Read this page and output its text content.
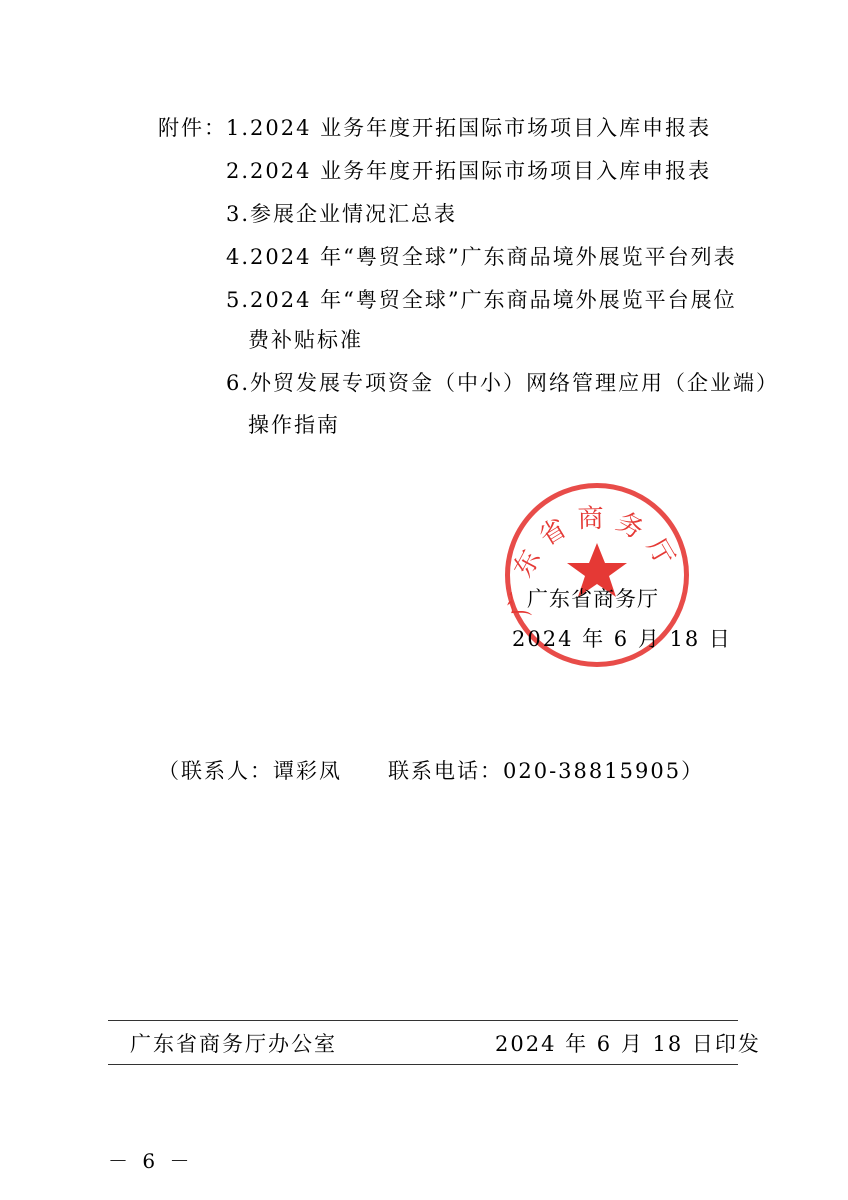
附件： 1.2024 业务年度开拓国际市场项目入库申报表
2.2024 业务年度开拓国际市场项目入库申报表
3.参展企业情况汇总表
4.2024 年“粤贸全球”广东商品境外展览平台列表
5.2024 年“粤贸全球”广东商品境外展览平台展位
费补贴标准
6.外贸发展专项资金（中小）网络管理应用（企业端）
操作指南
广东省商务厅
广东省商务厅
2024 年 6 月 18 日
（联系人：谭彩凤　　联系电话：020-38815905）
广东省商务厅办公室	2024 年 6 月 18 日印发
－ 6 －
